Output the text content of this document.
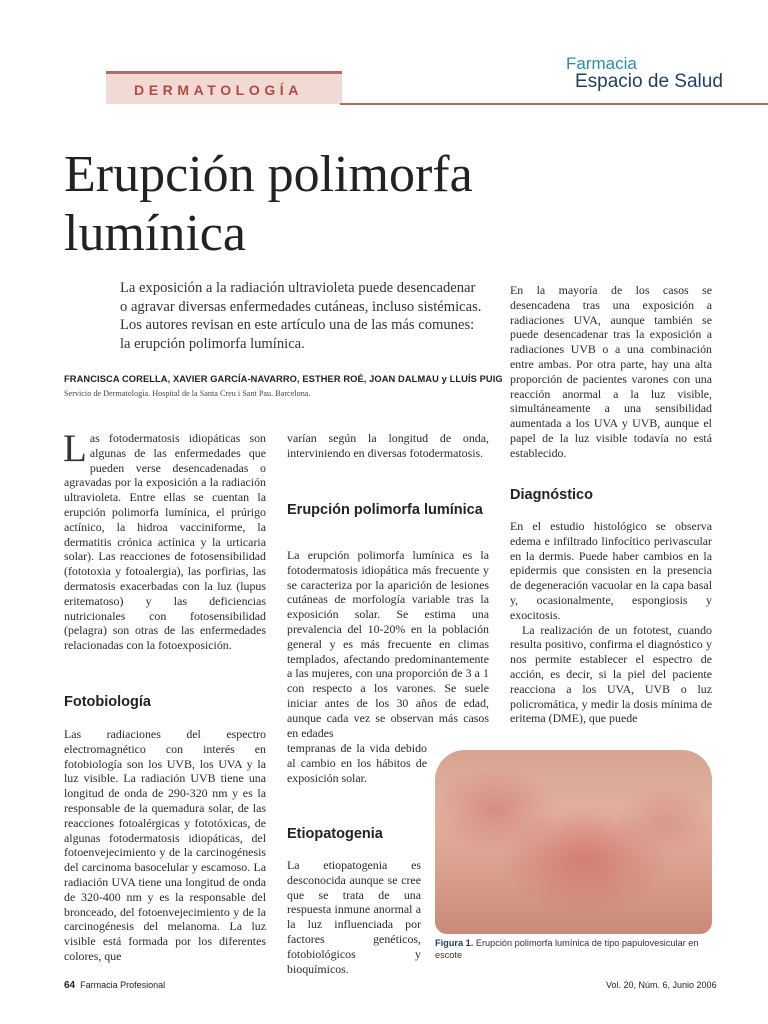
DERMATOLOGÍA
Farmacia
Espacio de Salud
Erupción polimorfa
lumínica
La exposición a la radiación ultravioleta puede desencadenar o agravar diversas enfermedades cutáneas, incluso sistémicas. Los autores revisan en este artículo una de las más comunes: la erupción polimorfa lumínica.
FRANCISCA CORELLA, XAVIER GARCÍA-NAVARRO, ESTHER ROÉ, JOAN DALMAU y LLUÍS PUIG
Servicio de Dermatología. Hospital de la Santa Creu i Sant Pau. Barcelona.
Las fotodermatosis idiopáticas son algunas de las enfermedades que pueden verse desencadenadas o agravadas por la exposición a la radiación ultravioleta. Entre ellas se cuentan la erupción polimorfa lumínica, el prúrigo actínico, la hidroa vacciniforme, la dermatitis crónica actínica y la urticaria solar). Las reacciones de fotosensibilidad (fototoxia y fotoalergia), las porfirias, las dermatosis exacerbadas con la luz (lupus eritematoso) y las deficiencias nutricionales con fotosensibilidad (pelagra) son otras de las enfermedades relacionadas con la fotoexposición.
Fotobiología
Las radiaciones del espectro electromagnético con interés en fotobiología son los UVB, los UVA y la luz visible. La radiación UVB tiene una longitud de onda de 290-320 nm y es la responsable de la quemadura solar, de las reacciones fotoalérgicas y fototóxicas, de algunas fotodermatosis idiopáticas, del fotoenvejecimiento y de la carcinogénesis del carcinoma basocelular y escamoso. La radiación UVA tiene una longitud de onda de 320-400 nm y es la responsable del bronceado, del fotoenvejecimiento y de la carcinogénesis del melanoma. La luz visible está formada por los diferentes colores, que
varían según la longitud de onda, interviniendo en diversas fotodermatosis.
Erupción polimorfa lumínica
La erupción polimorfa lumínica es la fotodermatosis idiopática más frecuente y se caracteriza por la aparición de lesiones cutáneas de morfología variable tras la exposición solar. Se estima una prevalencia del 10-20% en la población general y es más frecuente en climas templados, afectando predominantemente a las mujeres, con una proporción de 3 a 1 con respecto a los varones. Se suele iniciar antes de los 30 años de edad, aunque cada vez se observan más casos en edades
tempranas de la vida debido al cambio en los hábitos de exposición solar.
Etiopatogenia
La etiopatogenia es desconocida aunque se cree que se trata de una respuesta inmune anormal a la luz influenciada por factores genéticos, fotobiológicos y bioquímicos.
En la mayoría de los casos se desencadena tras una exposición a radiaciones UVA, aunque también se puede desencadenar tras la exposición a radiaciones UVB o a una combinación entre ambas. Por otra parte, hay una alta proporción de pacientes varones con una reacción anormal a la luz visible, simultáneamente a una sensibilidad aumentada a los UVA y UVB, aunque el papel de la luz visible todavía no está establecido.
Diagnóstico

En el estudio histológico se observa edema e infiltrado linfocítico perivascular en la dermis. Puede haber cambios en la epidermis que consisten en la presencia de degeneración vacuolar en la capa basal y, ocasionalmente, espongiosis y exocitosis.

La realización de un fototest, cuando resulta positivo, confirma el diagnóstico y nos permite establecer el espectro de acción, es decir, si la piel del paciente reacciona a los UVA, UVB o luz policromática, y medir la dosis mínima de eritema (DME), que puede

Figura 1. Erupción polimorfa lumínica de tipo papulovesicular en escote
64 Farmacia Profesional	Vol. 20, Núm. 6, Junio 2006
